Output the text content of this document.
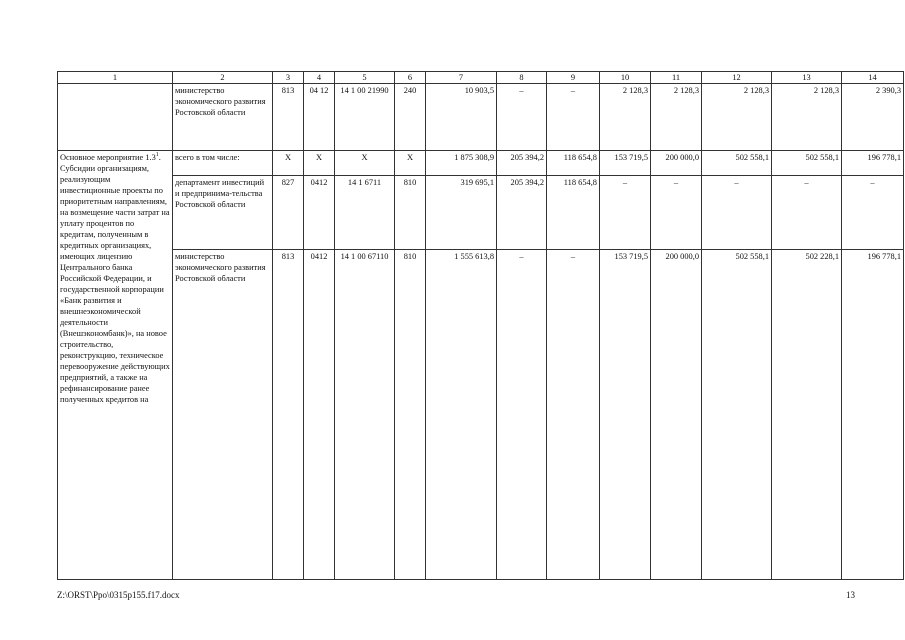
1	2	3	4	5	6	7	8	9	10	11	12	13	14
	министерство экономического развития Ростовской области	813	04 12	14 1 00 21990	240	10 903,5	–	–	2 128,3	2 128,3	2 128,3	2 128,3	2 390,3
Основное мероприятие $1.3^1$. Субсидии организациям, реализующим инвестиционные проекты по приоритетным направлениям, на возмещение части затрат на уплату процентов по кредитам, полученным в кредитных организациях, имеющих лицензию Центрального банка Российской Федерации, и государственной корпорации «Банк развития и внешнеэкономической деятельности (Внешэкономбанк)», на новое строительство, реконструкцию, техническое перевооружение действующих предприятий, а также на рефинансирование ранее полученных кредитов на	всего в том числе:	X	X	X	X	1 875 308,9	205 394,2	118 654,8	153 719,5	200 000,0	502 558,1	502 558,1	196 778,1
	департамент инвестиций и предпринима-тельства Ростовской области	827	0412	14 1 6711	810	319 695,1	205 394,2	118 654,8	–	–	–	–	–
	министерство экономического развития Ростовской области	813	0412	14 1 00 67110	810	1 555 613,8	–	–	153 719,5	200 000,0	502 558,1	502 228,1	196 778,1
Z:\ORST\Ppo\0315p155.f17.docx	13
